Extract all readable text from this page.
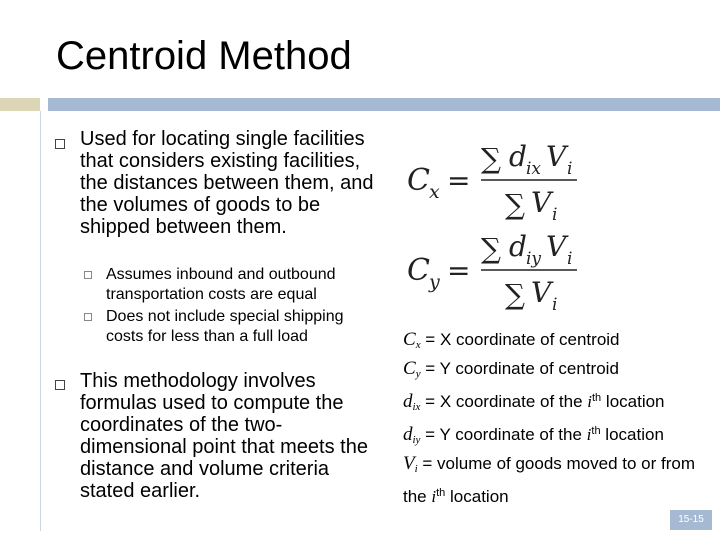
Centroid Method
Used for locating single facilities that considers existing facilities, the distances between them, and the volumes of goods to be shipped between them.
Assumes inbound and outbound transportation costs are equal
Does not include special shipping costs for less than a full load
This methodology involves formulas used to compute the coordinates of the two-dimensional point that meets the distance and volume criteria stated earlier.
C x =
∑ d ix V i
∑ V i
C y =
∑ d iy V i
∑ V i
$C_x = X$ coordinate of centroid
$C_y = Y$ coordinate of centroid
$d_{ix} = X$ coordinate of the $i^{th}$ location
$d_{iy} = Y$ coordinate of the $i^{th}$ location
$V_i$ = volume of goods moved to or from the $i^{th}$ location
15-15
